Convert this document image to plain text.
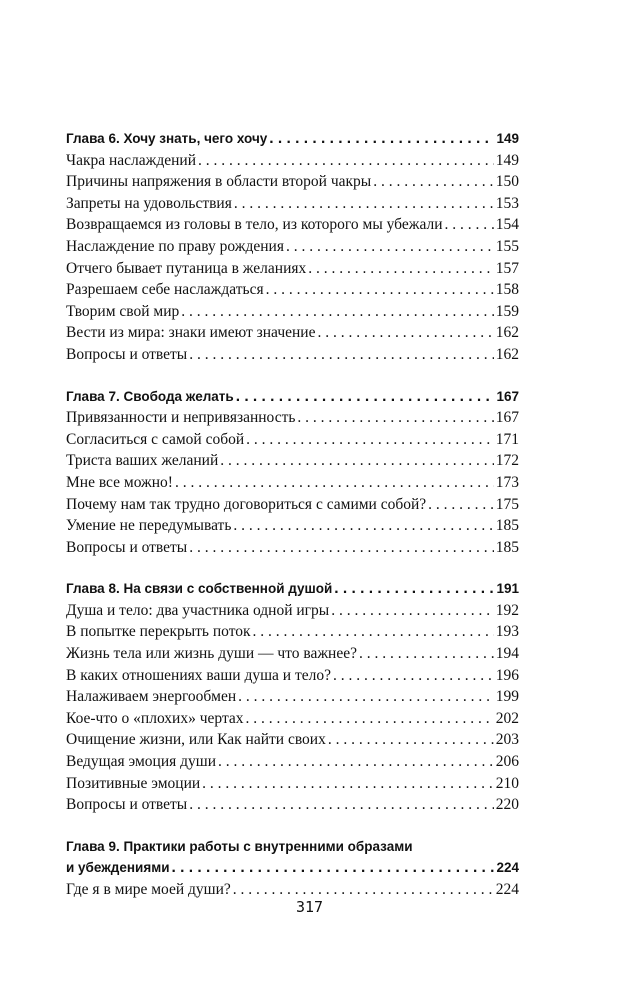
Глава 6. Хочу знать, чего хочу . . .	149
Чакра наслаждений . . .	149
Причины напряжения в области второй чакры . . .	150
Запреты на удовольствия . . .	153
Возвращаемся из головы в тело, из которого мы убежали . . .	154
Наслаждение по праву рождения . . .	155
Отчего бывает путаница в желаниях . . .	157
Разрешаем себе наслаждаться . . .	158
Творим свой мир . . .	159
Вести из мира: знаки имеют значение . . .	162
Вопросы и ответы . . .	162
Глава 7. Свобода желать . . .	167
Привязанности и непривязанность . . .	167
Согласиться с самой собой . . .	171
Триста ваших желаний . . .	172
Мне все можно! . . .	173
Почему нам так трудно договориться с самими собой? . . .	175
Умение не передумывать . . .	185
Вопросы и ответы . . .	185
Глава 8. На связи с собственной душой . . .	191
Душа и тело: два участника одной игры . . .	192
В попытке перекрыть поток . . .	193
Жизнь тела или жизнь души — что важнее? . . .	194
В каких отношениях ваши душа и тело? . . .	196
Налаживаем энергообмен . . .	199
Кое-что о «плохих» чертах . . .	202
Очищение жизни, или Как найти своих . . .	203
Ведущая эмоция души . . .	206
Позитивные эмоции . . .	210
Вопросы и ответы . . .	220
Глава 9. Практики работы с внутренними образами
и убеждениями . . .	224
Где я в мире моей души? . . .	224
317
